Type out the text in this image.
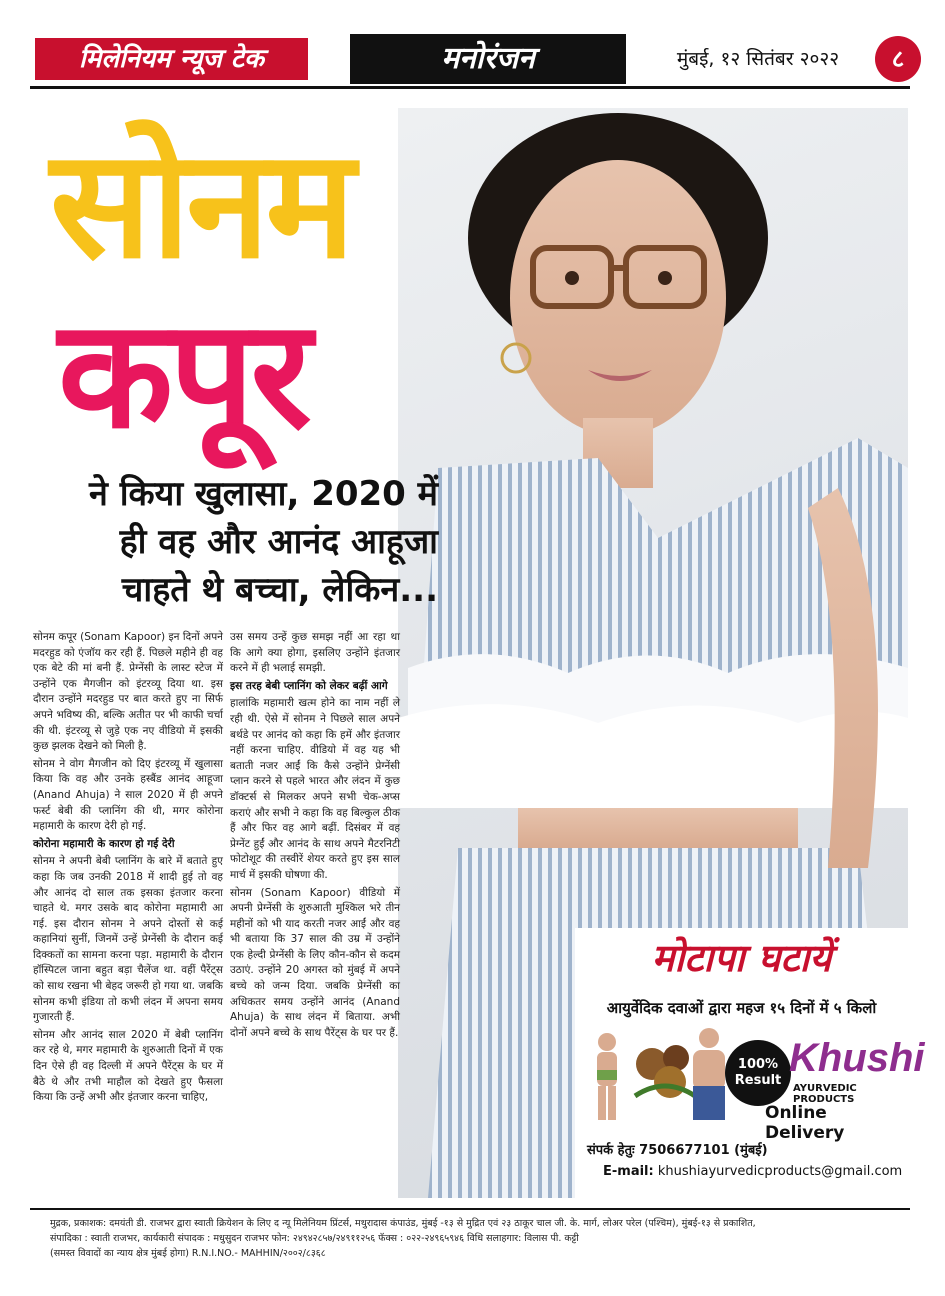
मिलेनियम न्यूज टेक	मनोरंजन	मुंबई, १२ सितंबर २०२२	८
सोनम
कपूर
ने किया खुलासा, 2020 में
ही वह और आनंद आहूजा
चाहते थे बच्चा, लेकिन...

सोनम कपूर (Sonam Kapoor) इन दिनों अपने मदरहुड को एंजॉय कर रही हैं. पिछले महीने ही वह एक बेटे की मां बनी हैं. प्रेग्नेंसी के लास्ट स्टेज में उन्होंने एक मैगजीन को इंटरव्यू दिया था. इस दौरान उन्होंने मदरहुड पर बात करते हुए ना सिर्फ अपने भविष्य की, बल्कि अतीत पर भी काफी चर्चा की थी. इंटरव्यू से जुड़े एक नए वीडियो में इसकी कुछ झलक देखने को मिली है.

सोनम ने वोग मैगजीन को दिए इंटरव्यू में खुलासा किया कि वह और उनके हस्बैंड आनंद आहूजा (Anand Ahuja) ने साल 2020 में ही अपने फर्स्ट बेबी की प्लानिंग की थी, मगर कोरोना महामारी के कारण देरी हो गई.

कोरोना महामारी के कारण हो गई देरी

सोनम ने अपनी बेबी प्लानिंग के बारे में बताते हुए कहा कि जब उनकी 2018 में शादी हुई तो वह और आनंद दो साल तक इसका इंतजार करना चाहते थे. मगर उसके बाद कोरोना महामारी आ गई. इस दौरान सोनम ने अपने दोस्तों से कई कहानियां सुनीं, जिनमें उन्हें प्रेग्नेंसी के दौरान कई दिक्कतों का सामना करना पड़ा. महामारी के दौरान हॉस्पिटल जाना बहुत बड़ा चैलेंज था. वहीं पैरेंट्स को साथ रखना भी बेहद जरूरी हो गया था. जबकि सोनम कभी इंडिया तो कभी लंदन में अपना समय गुजारती हैं.

सोनम और आनंद साल 2020 में बेबी प्लानिंग कर रहे थे, मगर महामारी के शुरुआती दिनों में एक दिन ऐसे ही वह दिल्ली में अपने पैरेंट्स के घर में बैठे थे और तभी माहौल को देखते हुए फैसला किया कि उन्हें अभी और इंतजार करना चाहिए,

उस समय उन्हें कुछ समझ नहीं आ रहा था कि आगे क्या होगा, इसलिए उन्होंने इंतजार करने में ही भलाई समझी.

इस तरह बेबी प्लानिंग को लेकर बढ़ीं आगे

हालांकि महामारी खत्म होने का नाम नहीं ले रही थी. ऐसे में सोनम ने पिछले साल अपने बर्थडे पर आनंद को कहा कि हमें और इंतजार नहीं करना चाहिए. वीडियो में वह यह भी बताती नजर आईं कि कैसे उन्होंने प्रेग्नेंसी प्लान करने से पहले भारत और लंदन में कुछ डॉक्टर्स से मिलकर अपने सभी चेक-अप्स कराएं और सभी ने कहा कि वह बिल्कुल ठीक हैं और फिर वह आगे बढ़ीं. दिसंबर में वह प्रेग्नेंट हुईं और आनंद के साथ अपने मैटरनिटी फोटोशूट की तस्वीरें शेयर करते हुए इस साल मार्च में इसकी घोषणा की.

सोनम (Sonam Kapoor) वीडियो में अपनी प्रेग्नेंसी के शुरुआती मुश्किल भरे तीन महीनों को भी याद करती नजर आईं और वह भी बताया कि 37 साल की उम्र में उन्होंने एक हेल्दी प्रेग्नेंसी के लिए कौन-कौन से कदम उठाएं. उन्होंने 20 अगस्त को मुंबई में अपने बच्चे को जन्म दिया. जबकि प्रेग्नेंसी का अधिकतर समय उन्होंने आनंद (Anand Ahuja) के साथ लंदन में बिताया. अभी दोनों अपने बच्चे के साथ पैरेंट्स के घर पर हैं.

मोटापा घटायें
आयुर्वेदिक दवाओं द्वारा महज १५ दिनों में ५ किलो
100%
Result
Khushi
AYURVEDIC PRODUCTS
Online Delivery
संपर्क हेतुः 7506677101 (मुंबई)
E-mail: khushiayurvedicproducts@gmail.com
मुद्रक, प्रकाशक: दमयंती डी. राजभर द्वारा स्वाती क्रियेशन के लिए द न्यू मिलेनियम प्रिंटर्स, मथुरादास कंपाउंड, मुंबई -१३ से मुद्रित एवं २३ ठाकूर चाल जी. के. मार्ग, लोअर परेल (पश्चिम), मुंबई-१३ से प्रकाशित,
संपादिका : स्वाती राजभर, कार्यकारी संपादक : मधुसुदन राजभर फोन: २४९४२८५७/२४९११२५६ फॅक्स : ०२२-२४९६५९४६ विधि सलाहगार: विलास पी. कट्टी
(समस्त विवादों का न्याय क्षेत्र मुंबई होगा) R.N.I.NO.- MAHHIN/२००२/८३६८
